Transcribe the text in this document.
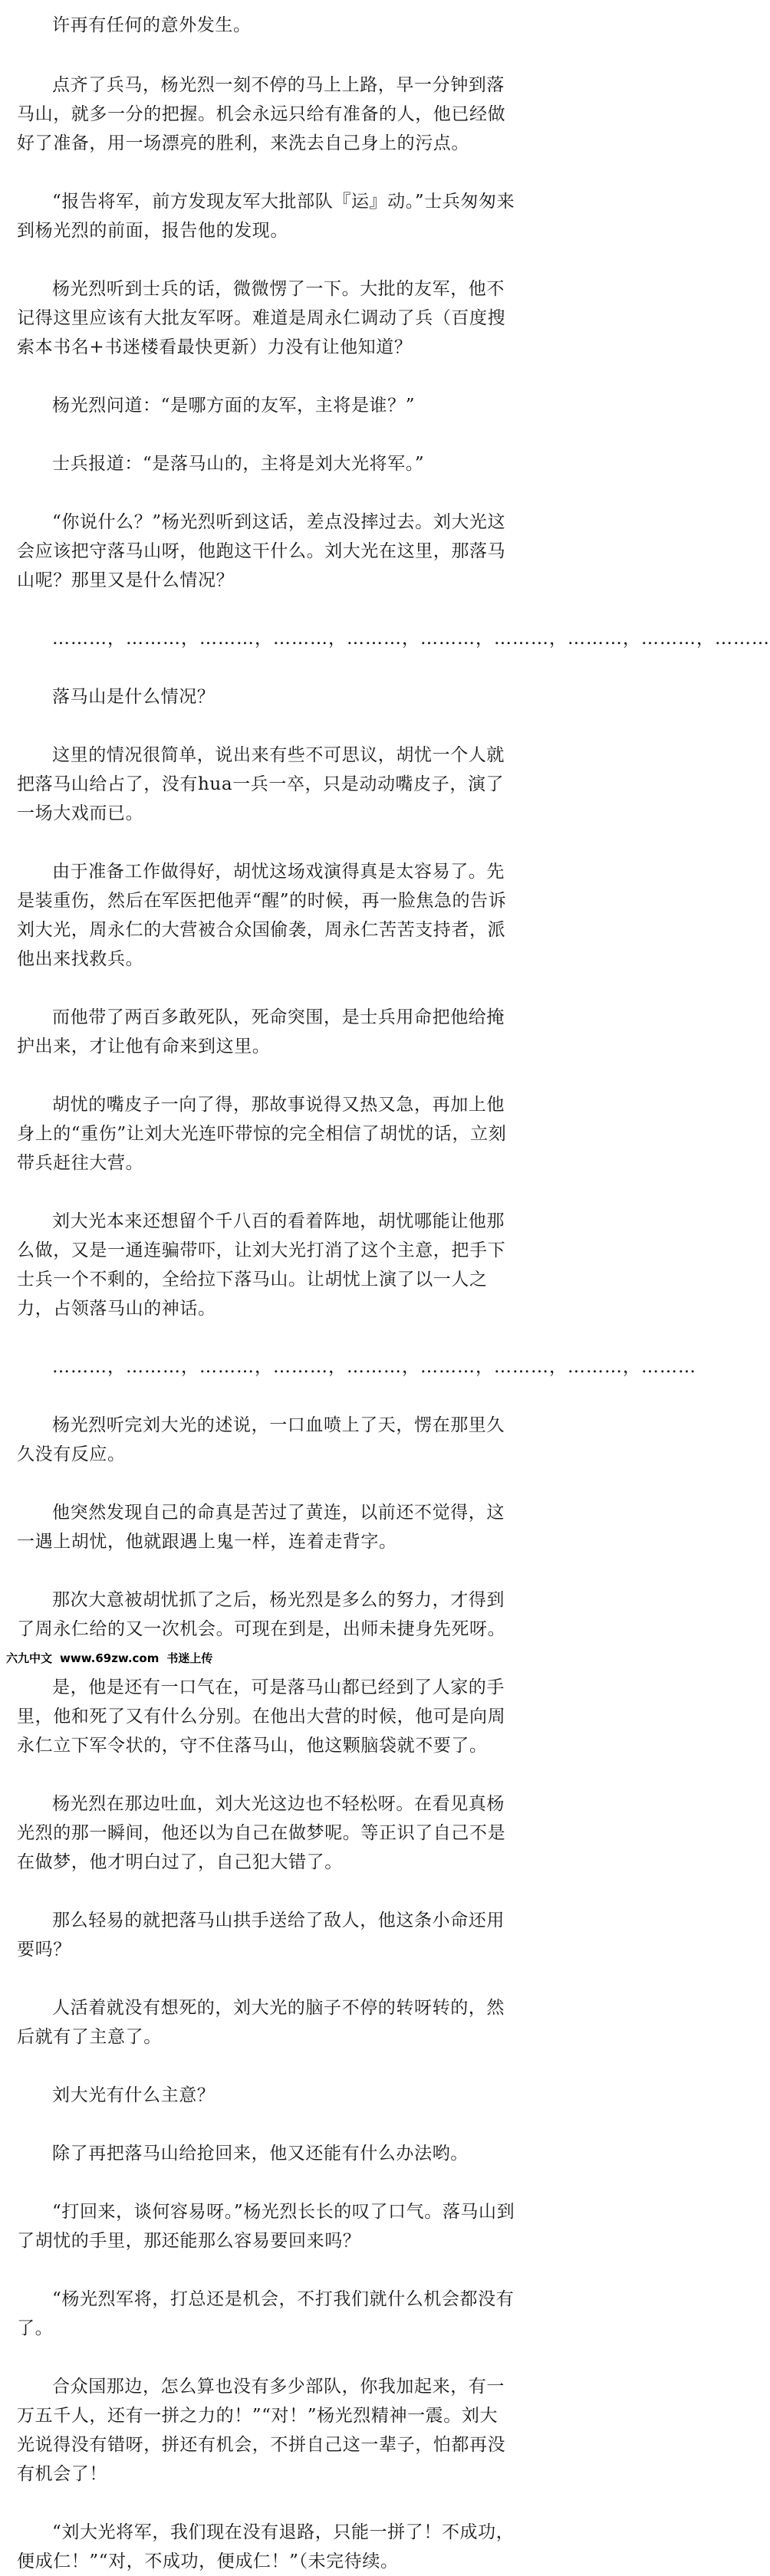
许再有任何的意外发生。

点齐了兵马，杨光烈一刻不停的马上上路，早一分钟到落马山，就多一分的把握。机会永远只给有准备的人，他已经做好了准备，用一场漂亮的胜利，来洗去自己身上的污点。

“报告将军，前方发现友军大批部队『运』动。”士兵匆匆来到杨光烈的前面，报告他的发现。

杨光烈听到士兵的话，微微愣了一下。大批的友军，他不记得这里应该有大批友军呀。难道是周永仁调动了兵（百度搜索本书名+书迷楼看最快更新）力没有让他知道？

杨光烈问道：“是哪方面的友军，主将是谁？”

士兵报道：“是落马山的，主将是刘大光将军。”

“你说什么？”杨光烈听到这话，差点没摔过去。刘大光这会应该把守落马山呀，他跑这干什么。刘大光在这里，那落马山呢？那里又是什么情况？

………，………，………，………，………，………，………，………，………，………

落马山是什么情况？

这里的情况很简单，说出来有些不可思议，胡忧一个人就把落马山给占了，没有hua一兵一卒，只是动动嘴皮子，演了一场大戏而已。

由于准备工作做得好，胡忧这场戏演得真是太容易了。先是装重伤，然后在军医把他弄“醒”的时候，再一脸焦急的告诉刘大光，周永仁的大营被合众国偷袭，周永仁苦苦支持者，派他出来找救兵。

而他带了两百多敢死队，死命突围，是士兵用命把他给掩护出来，才让他有命来到这里。

胡忧的嘴皮子一向了得，那故事说得又热又急，再加上他身上的“重伤”让刘大光连吓带惊的完全相信了胡忧的话，立刻带兵赶往大营。

刘大光本来还想留个千八百的看着阵地，胡忧哪能让他那么做，又是一通连骗带吓，让刘大光打消了这个主意，把手下士兵一个不剩的，全给拉下落马山。让胡忧上演了以一人之力，占领落马山的神话。

………，………，………，………，………，………，………，………，………

杨光烈听完刘大光的述说，一口血喷上了天，愣在那里久久没有反应。

他突然发现自己的命真是苦过了黄连，以前还不觉得，这一遇上胡忧，他就跟遇上鬼一样，连着走背字。

那次大意被胡忧抓了之后，杨光烈是多么的努力，才得到了周永仁给的又一次机会。可现在到是，出师未捷身先死呀。

六九中文 www.69zw.com 书迷上传

是，他是还有一口气在，可是落马山都已经到了人家的手里，他和死了又有什么分别。在他出大营的时候，他可是向周永仁立下军令状的，守不住落马山，他这颗脑袋就不要了。

杨光烈在那边吐血，刘大光这边也不轻松呀。在看见真杨光烈的那一瞬间，他还以为自己在做梦呢。等正识了自己不是在做梦，他才明白过了，自己犯大错了。

那么轻易的就把落马山拱手送给了敌人，他这条小命还用要吗？

人活着就没有想死的，刘大光的脑子不停的转呀转的，然后就有了主意了。

刘大光有什么主意？

除了再把落马山给抢回来，他又还能有什么办法哟。

“打回来，谈何容易呀。”杨光烈长长的叹了口气。落马山到了胡忧的手里，那还能那么容易要回来吗？

“杨光烈军将，打总还是机会，不打我们就什么机会都没有了。

合众国那边，怎么算也没有多少部队，你我加起来，有一万五千人，还有一拼之力的！”“对！”杨光烈精神一震。刘大光说得没有错呀，拼还有机会，不拼自己这一辈子，怕都再没有机会了！

“刘大光将军，我们现在没有退路，只能一拼了！不成功，便成仁！”“对，不成功，便成仁！”（未完待续。
